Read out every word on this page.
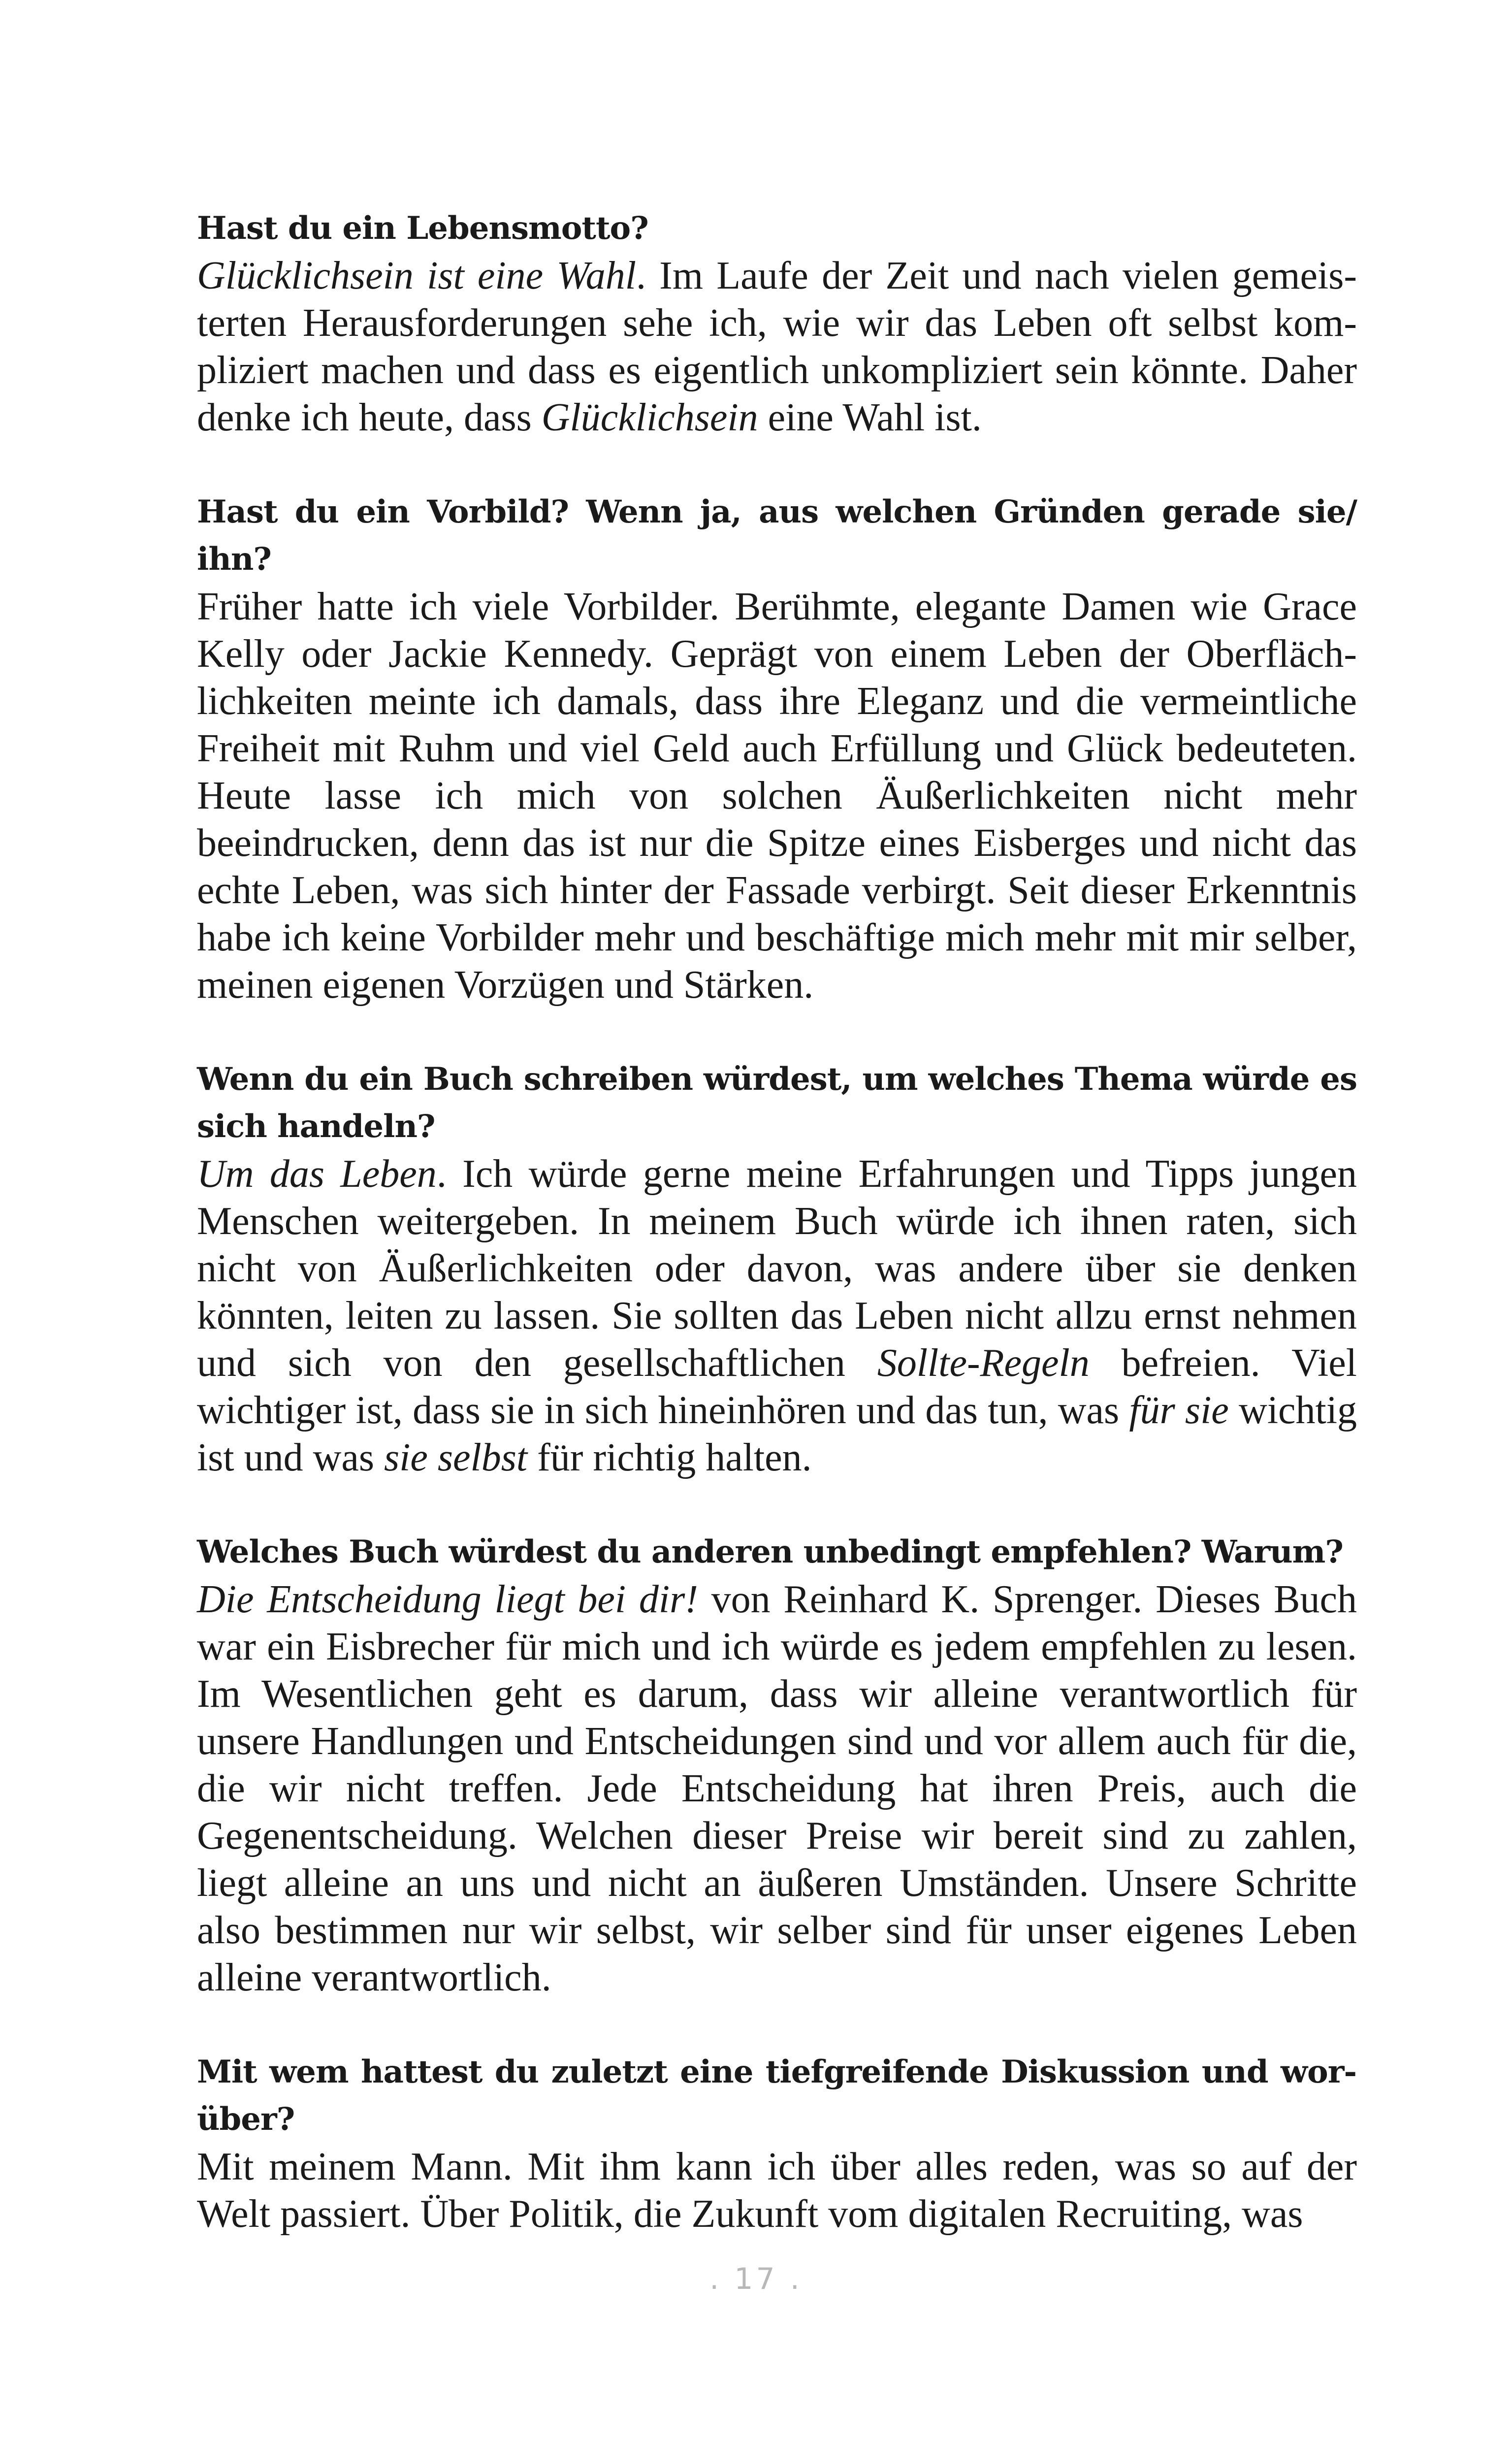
Hast du ein Lebensmotto?

Glücklichsein ist eine Wahl. Im Laufe der Zeit und nach vielen gemeisterten Herausforderungen sehe ich, wie wir das Leben oft selbst kompliziert machen und dass es eigentlich unkompliziert sein könnte. Daher denke ich heute, dass Glücklichsein eine Wahl ist.

Hast du ein Vorbild? Wenn ja, aus welchen Gründen gerade sie/ ihn?

Früher hatte ich viele Vorbilder. Berühmte, elegante Damen wie Grace Kelly oder Jackie Kennedy. Geprägt von einem Leben der Oberflächlichkeiten meinte ich damals, dass ihre Eleganz und die vermeintliche Freiheit mit Ruhm und viel Geld auch Erfüllung und Glück bedeuteten. Heute lasse ich mich von solchen Äußerlichkeiten nicht mehr beeindrucken, denn das ist nur die Spitze eines Eisberges und nicht das echte Leben, was sich hinter der Fassade verbirgt. Seit dieser Erkenntnis habe ich keine Vorbilder mehr und beschäftige mich mehr mit mir selber, meinen eigenen Vorzügen und Stärken.

Wenn du ein Buch schreiben würdest, um welches Thema würde es sich handeln?

Um das Leben. Ich würde gerne meine Erfahrungen und Tipps jungen Menschen weitergeben. In meinem Buch würde ich ihnen raten, sich nicht von Äußerlichkeiten oder davon, was andere über sie denken könnten, leiten zu lassen. Sie sollten das Leben nicht allzu ernst nehmen und sich von den gesellschaftlichen Sollte-Regeln befreien. Viel wichtiger ist, dass sie in sich hineinhören und das tun, was für sie wichtig ist und was sie selbst für richtig halten.

Welches Buch würdest du anderen unbedingt empfehlen? Warum?

Die Entscheidung liegt bei dir! von Reinhard K. Sprenger. Dieses Buch war ein Eisbrecher für mich und ich würde es jedem empfehlen zu lesen. Im Wesentlichen geht es darum, dass wir alleine verantwortlich für unsere Handlungen und Entscheidungen sind und vor allem auch für die, die wir nicht treffen. Jede Entscheidung hat ihren Preis, auch die Gegenentscheidung. Welchen dieser Preise wir bereit sind zu zahlen, liegt alleine an uns und nicht an äußeren Umständen. Unsere Schritte also bestimmen nur wir selbst, wir selber sind für unser eigenes Leben alleine verantwortlich.

Mit wem hattest du zuletzt eine tiefgreifende Diskussion und worüber?

Mit meinem Mann. Mit ihm kann ich über alles reden, was so auf der Welt passiert. Über Politik, die Zukunft vom digitalen Recruiting, was

. 17 .
